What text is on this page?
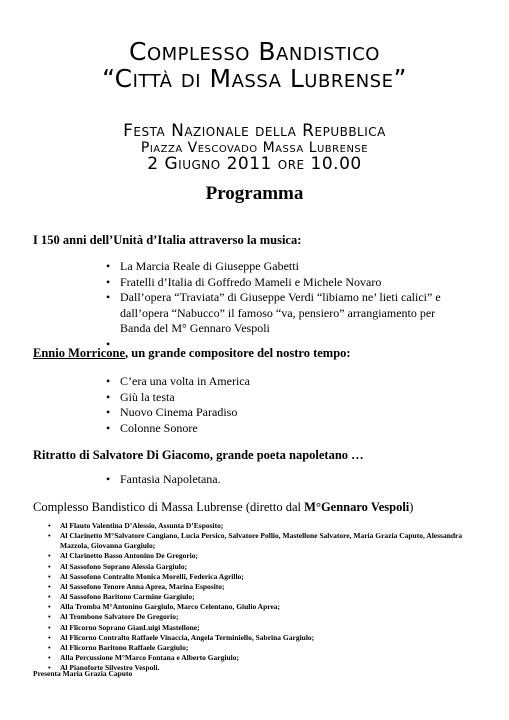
Complesso Bandistico
“Città di Massa Lubrense”
Festa Nazionale della Repubblica
Piazza Vescovado Massa Lubrense
2 Giugno 2011 ore 10.00
Programma
I 150 anni dell’Unità d’Italia attraverso la musica:
• La Marcia Reale di Giuseppe Gabetti
• Fratelli d’Italia di Goffredo Mameli e Michele Novaro
• Dall’opera “Traviata” di Giuseppe Verdi “libiamo ne’ lieti calici” e dall’opera “Nabucco” il famoso “va, pensiero” arrangiamento per Banda del M° Gennaro Vespoli
Ennio Morricone, un grande compositore del nostro tempo:
• C’era una volta in America
• Giù la testa
• Nuovo Cinema Paradiso
• Colonne Sonore
Ritratto di Salvatore Di Giacomo, grande poeta napoletano …
• Fantasia Napoletana.
Complesso Bandistico di Massa Lubrense (diretto dal M°Gennaro Vespoli)
• Al Flauto Valentina D’Alessio, Assunta D’Esposito;
• Al Clarinetto M°Salvatore Cangiano, Lucia Persico, Salvatore Pollio, Mastellone Salvatore, Maria Grazia Caputo, Alessandra Mazzola, Giovanna Gargiulo;
• Al Clarinetto Basso Antonino De Gregorio;
• Al Sassofono Soprano Alessia Gargiulo;
• Al Sassofono Contralto Monica Morelli, Federica Agrillo;
• Al Sassofono Tenore Anna Aprea, Marina Esposito;
• Al Sassofono Baritono Carmine Gargiulo;
• Alla Tromba M°Antonino Gargiulo, Marco Celentano, Giulio Aprea;
• Al Trombone Salvatore De Gregorio;
• Al Flicorno Soprano GianLuigi Mastellone;
• Al Flicorno Contralto Raffaele Vinaccia, Angela Terminiello, Sabrina Gargiulo;
• Al Flicorno Baritono Raffaele Gargiulo;
• Alla Percussione M°Marco Fontana e Alberto Gargiulo;
• Al Pianoforte Silvestro Vespoli.
Presenta Maria Grazia Caputo
